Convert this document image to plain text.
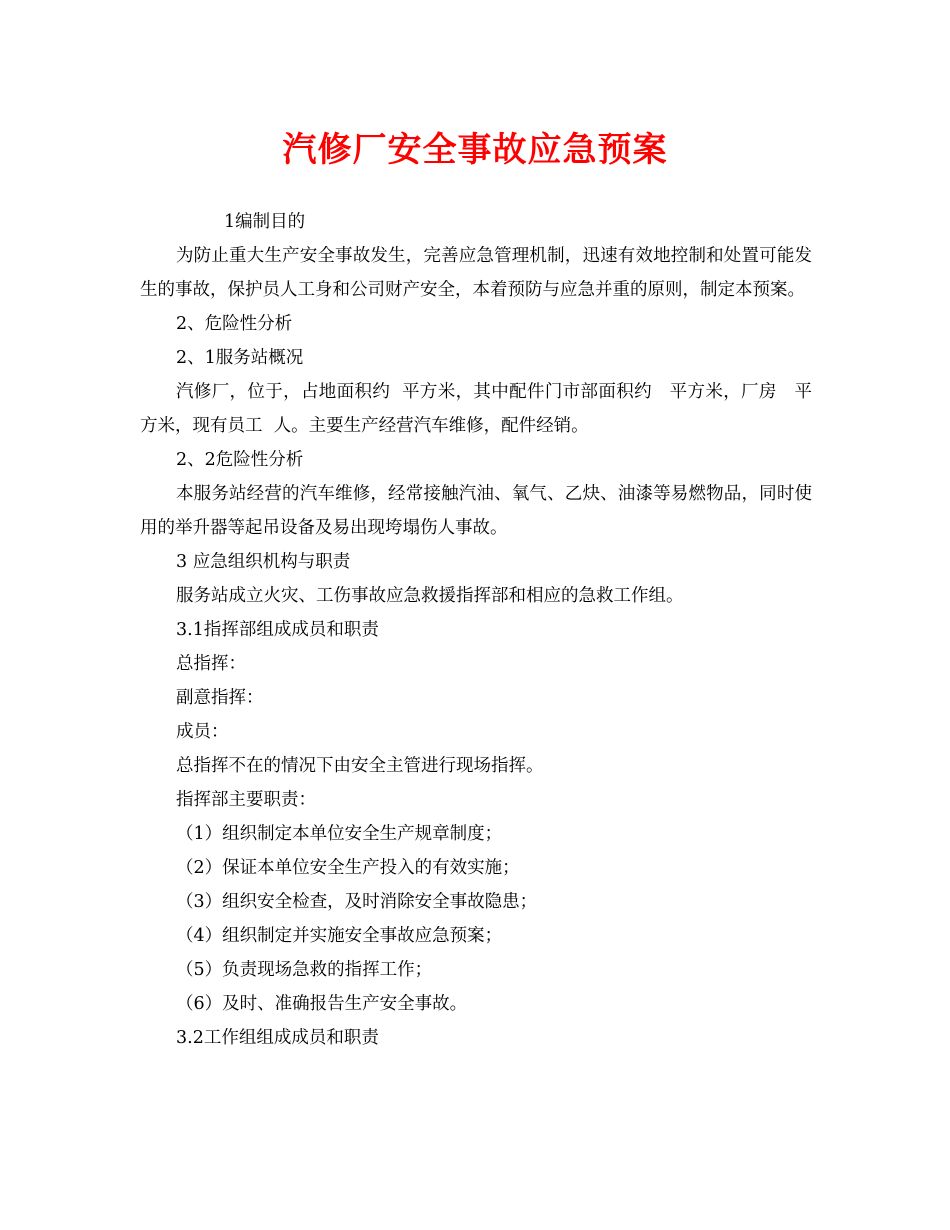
汽修厂安全事故应急预案

1编制目的

为防止重大生产安全事故发生，完善应急管理机制，迅速有效地控制和处置可能发生的事故，保护员人工身和公司财产安全，本着预防与应急并重的原则，制定本预案。

2、危险性分析

2、1服务站概况

汽修厂，位于，占地面积约  平方米，其中配件门市部面积约   平方米，厂房   平方米，现有员工  人。主要生产经营汽车维修，配件经销。

2、2危险性分析

本服务站经营的汽车维修，经常接触汽油、氧气、乙炔、油漆等易燃物品，同时使用的举升器等起吊设备及易出现垮塌伤人事故。

3 应急组织机构与职责

服务站成立火灾、工伤事故应急救援指挥部和相应的急救工作组。

3.1指挥部组成成员和职责

总指挥：

副意指挥：

成员：

总指挥不在的情况下由安全主管进行现场指挥。

指挥部主要职责：

（1）组织制定本单位安全生产规章制度；

（2）保证本单位安全生产投入的有效实施；

（3）组织安全检查，及时消除安全事故隐患；

（4）组织制定并实施安全事故应急预案；

（5）负责现场急救的指挥工作；

（6）及时、准确报告生产安全事故。

3.2工作组组成成员和职责
